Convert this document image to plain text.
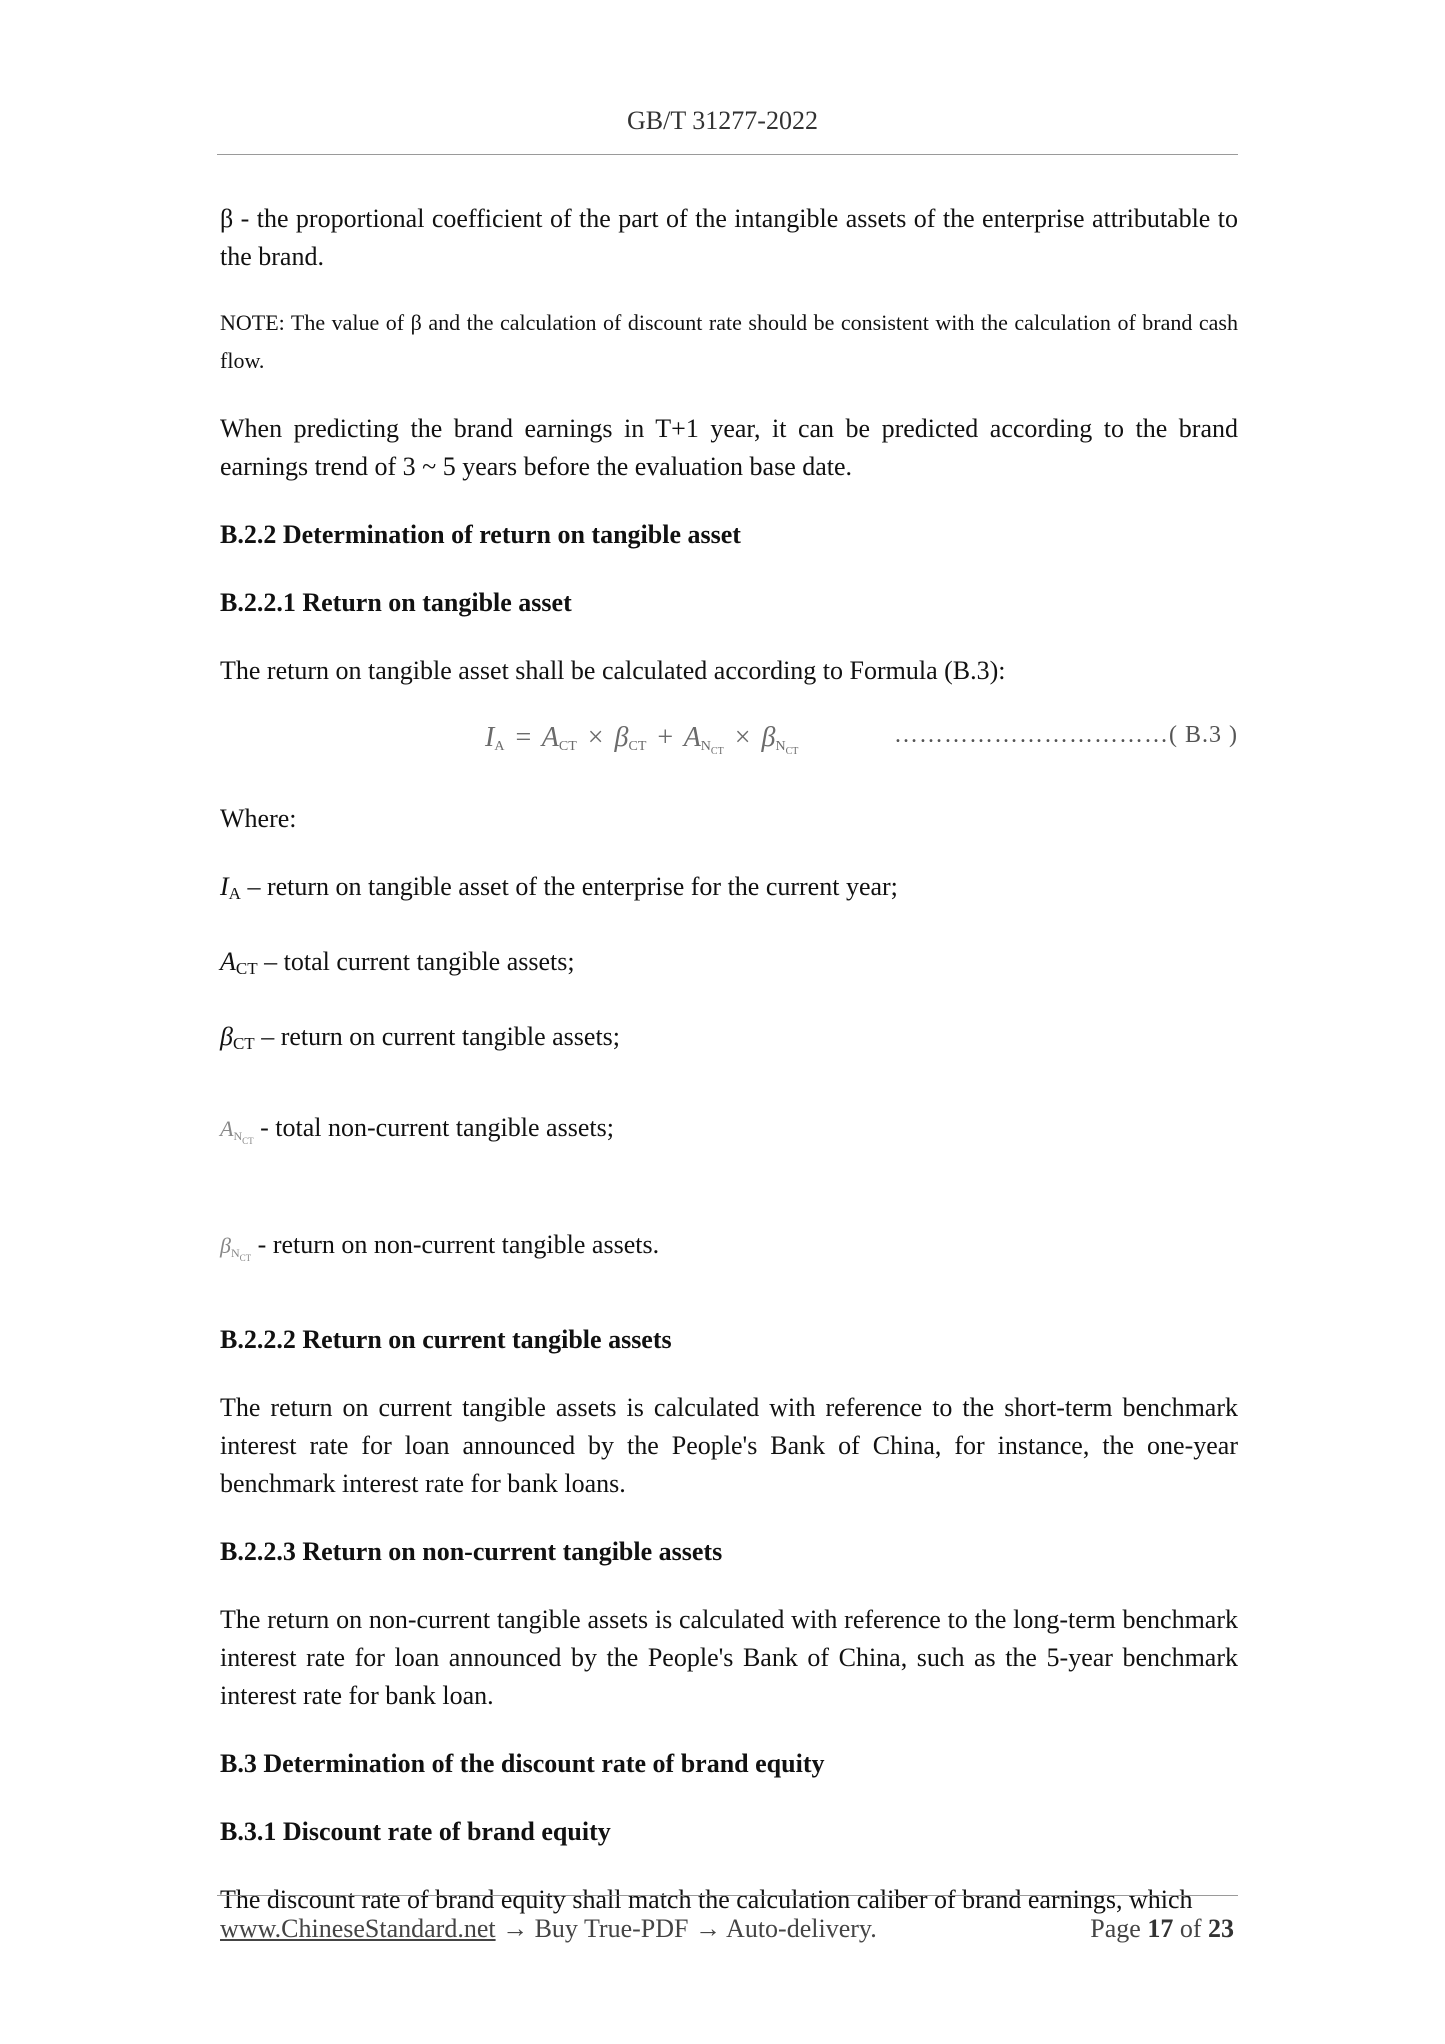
GB/T 31277-2022

β - the proportional coefficient of the part of the intangible assets of the enterprise attributable to the brand.

NOTE: The value of β and the calculation of discount rate should be consistent with the calculation of brand cash flow.

When predicting the brand earnings in T+1 year, it can be predicted according to the brand earnings trend of 3 ~ 5 years before the evaluation base date.

B.2.2 Determination of return on tangible asset

B.2.2.1 Return on tangible asset

The return on tangible asset shall be calculated according to Formula (B.3):

$I_A = A_{CT} \times \beta_{CT} + A_{N_{CT}} \times \beta_{N_{CT}}$
……………………………( B.3 )

Where:

$I_A$ – return on tangible asset of the enterprise for the current year;

$A_{CT}$ – total current tangible assets;

$\beta_{CT}$ – return on current tangible assets;

$A_{N_{CT}}$ - total non-current tangible assets;

$\beta_{N_{CT}}$ - return on non-current tangible assets.

B.2.2.2 Return on current tangible assets

The return on current tangible assets is calculated with reference to the short-term benchmark interest rate for loan announced by the People's Bank of China, for instance, the one-year benchmark interest rate for bank loans.

B.2.2.3 Return on non-current tangible assets

The return on non-current tangible assets is calculated with reference to the long-term benchmark interest rate for loan announced by the People's Bank of China, such as the 5-year benchmark interest rate for bank loan.

B.3 Determination of the discount rate of brand equity

B.3.1 Discount rate of brand equity

The discount rate of brand equity shall match the calculation caliber of brand earnings, which

www.ChineseStandard.net → Buy True-PDF → Auto-delivery.	Page 17 of 23
